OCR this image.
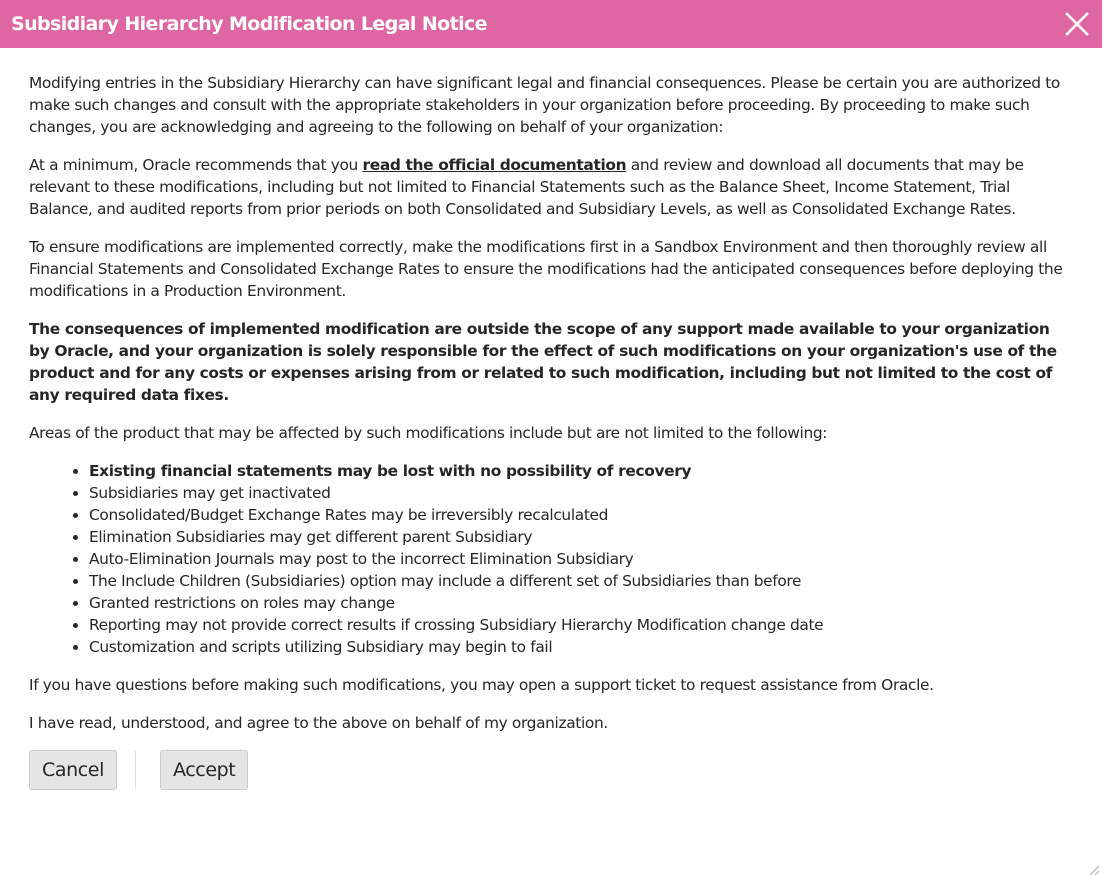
Subsidiary Hierarchy Modification Legal Notice

Modifying entries in the Subsidiary Hierarchy can have significant legal and financial consequences. Please be certain you are authorized to make such changes and consult with the appropriate stakeholders in your organization before proceeding. By proceeding to make such changes, you are acknowledging and agreeing to the following on behalf of your organization:

At a minimum, Oracle recommends that you read the official documentation and review and download all documents that may be relevant to these modifications, including but not limited to Financial Statements such as the Balance Sheet, Income Statement, Trial Balance, and audited reports from prior periods on both Consolidated and Subsidiary Levels, as well as Consolidated Exchange Rates.

To ensure modifications are implemented correctly, make the modifications first in a Sandbox Environment and then thoroughly review all Financial Statements and Consolidated Exchange Rates to ensure the modifications had the anticipated consequences before deploying the modifications in a Production Environment.

The consequences of implemented modification are outside the scope of any support made available to your organization by Oracle, and your organization is solely responsible for the effect of such modifications on your organization's use of the product and for any costs or expenses arising from or related to such modification, including but not limited to the cost of any required data fixes.

Areas of the product that may be affected by such modifications include but are not limited to the following:

• Existing financial statements may be lost with no possibility of recovery
• Subsidiaries may get inactivated
• Consolidated/Budget Exchange Rates may be irreversibly recalculated
• Elimination Subsidiaries may get different parent Subsidiary
• Auto-Elimination Journals may post to the incorrect Elimination Subsidiary
• The Include Children (Subsidiaries) option may include a different set of Subsidiaries than before
• Granted restrictions on roles may change
• Reporting may not provide correct results if crossing Subsidiary Hierarchy Modification change date
• Customization and scripts utilizing Subsidiary may begin to fail

If you have questions before making such modifications, you may open a support ticket to request assistance from Oracle.

I have read, understood, and agree to the above on behalf of my organization.

Cancel	Accept
